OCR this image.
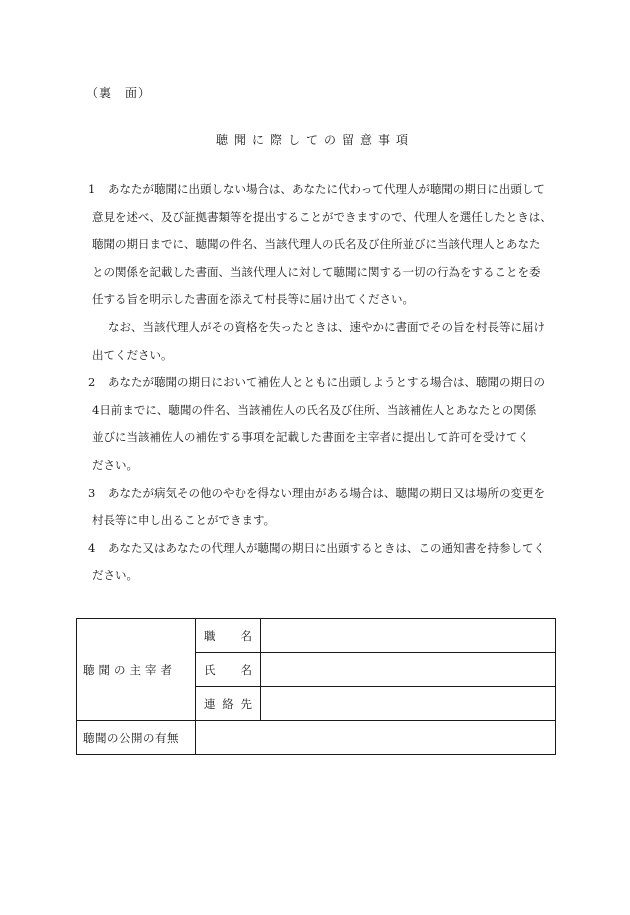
（裏　面）
聴聞に際しての留意事項
1	あなたが聴聞に出頭しない場合は、あなたに代わって代理人が聴聞の期日に出頭して
意見を述べ、及び証拠書類等を提出することができますので、代理人を選任したときは、
聴聞の期日までに、聴聞の件名、当該代理人の氏名及び住所並びに当該代理人とあなた
との関係を記載した書面、当該代理人に対して聴聞に関する一切の行為をすることを委
任する旨を明示した書面を添えて村長等に届け出てください。
なお、当該代理人がその資格を失ったときは、速やかに書面でその旨を村長等に届け
出てください。
2	あなたが聴聞の期日において補佐人とともに出頭しようとする場合は、聴聞の期日の
4日前までに、聴聞の件名、当該補佐人の氏名及び住所、当該補佐人とあなたとの関係
並びに当該補佐人の補佐する事項を記載した書面を主宰者に提出して許可を受けてく
ださい。
3	あなたが病気その他のやむを得ない理由がある場合は、聴聞の期日又は場所の変更を
村長等に申し出ることができます。
4	あなた又はあなたの代理人が聴聞の期日に出頭するときは、この通知書を持参してく
ださい。
聴聞の主宰者	職 名	

	氏 名	

	連 絡 先	

聴聞の公開の有無		
